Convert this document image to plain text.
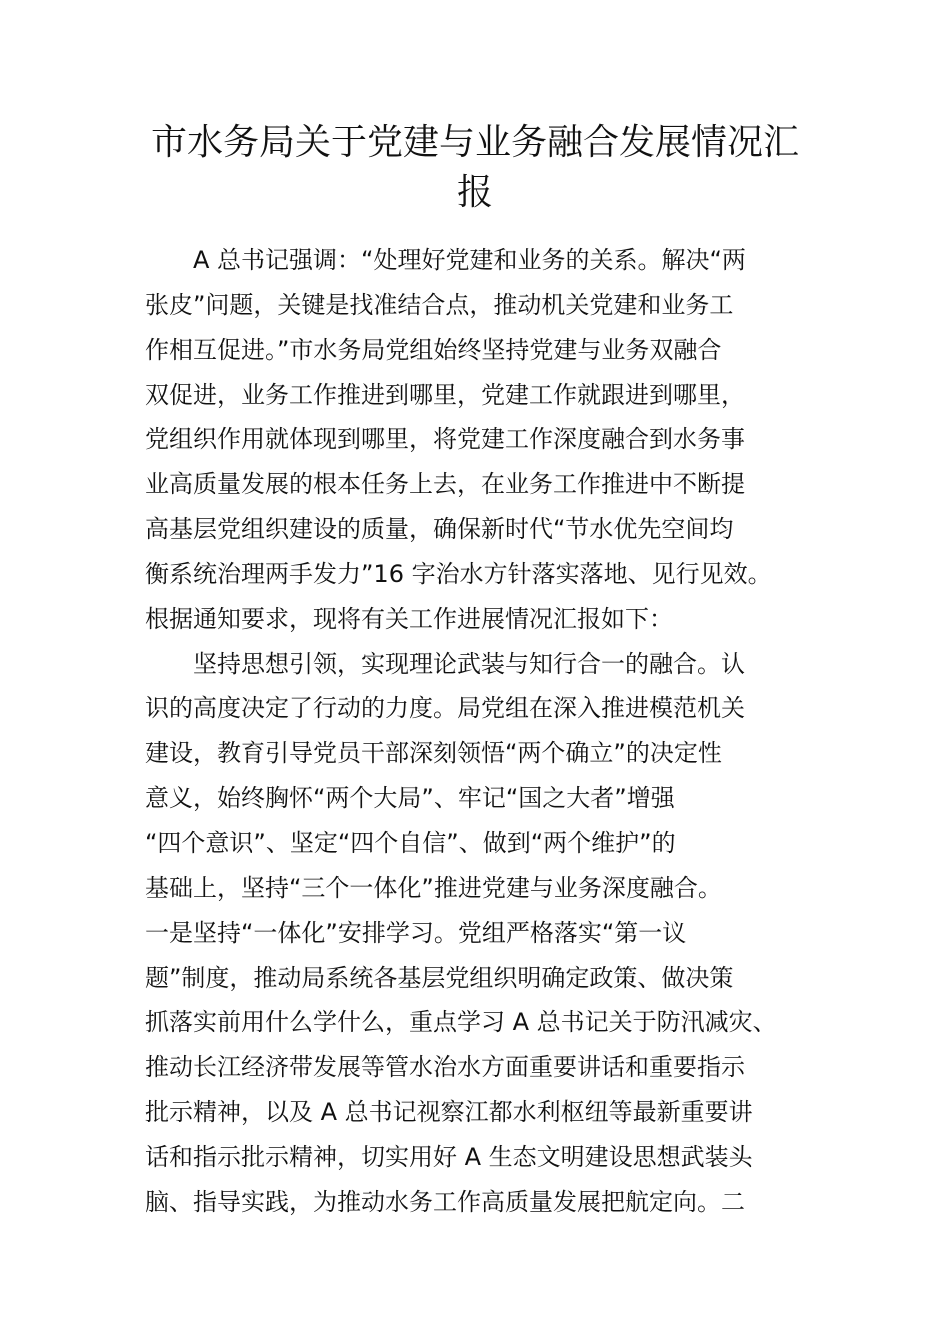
市水务局关于党建与业务融合发展情况汇报
A 总书记强调：“处理好党建和业务的关系。解决“两
张皮”问题，关键是找准结合点，推动机关党建和业务工
作相互促进。”市水务局党组始终坚持党建与业务双融合
双促进，业务工作推进到哪里，党建工作就跟进到哪里，
党组织作用就体现到哪里，将党建工作深度融合到水务事
业高质量发展的根本任务上去，在业务工作推进中不断提
高基层党组织建设的质量，确保新时代“节水优先空间均
衡系统治理两手发力”16 字治水方针落实落地、见行见效。
根据通知要求，现将有关工作进展情况汇报如下：
坚持思想引领，实现理论武装与知行合一的融合。认
识的高度决定了行动的力度。局党组在深入推进模范机关
建设，教育引导党员干部深刻领悟“两个确立”的决定性
意义，始终胸怀“两个大局”、牢记“国之大者”增强
“四个意识”、坚定“四个自信”、做到“两个维护”的
基础上，坚持“三个一体化”推进党建与业务深度融合。
一是坚持“一体化”安排学习。党组严格落实“第一议
题”制度，推动局系统各基层党组织明确定政策、做决策
抓落实前用什么学什么，重点学习 A 总书记关于防汛减灾、
推动长江经济带发展等管水治水方面重要讲话和重要指示
批示精神，以及 A 总书记视察江都水利枢纽等最新重要讲
话和指示批示精神，切实用好 A 生态文明建设思想武装头
脑、指导实践，为推动水务工作高质量发展把航定向。二
